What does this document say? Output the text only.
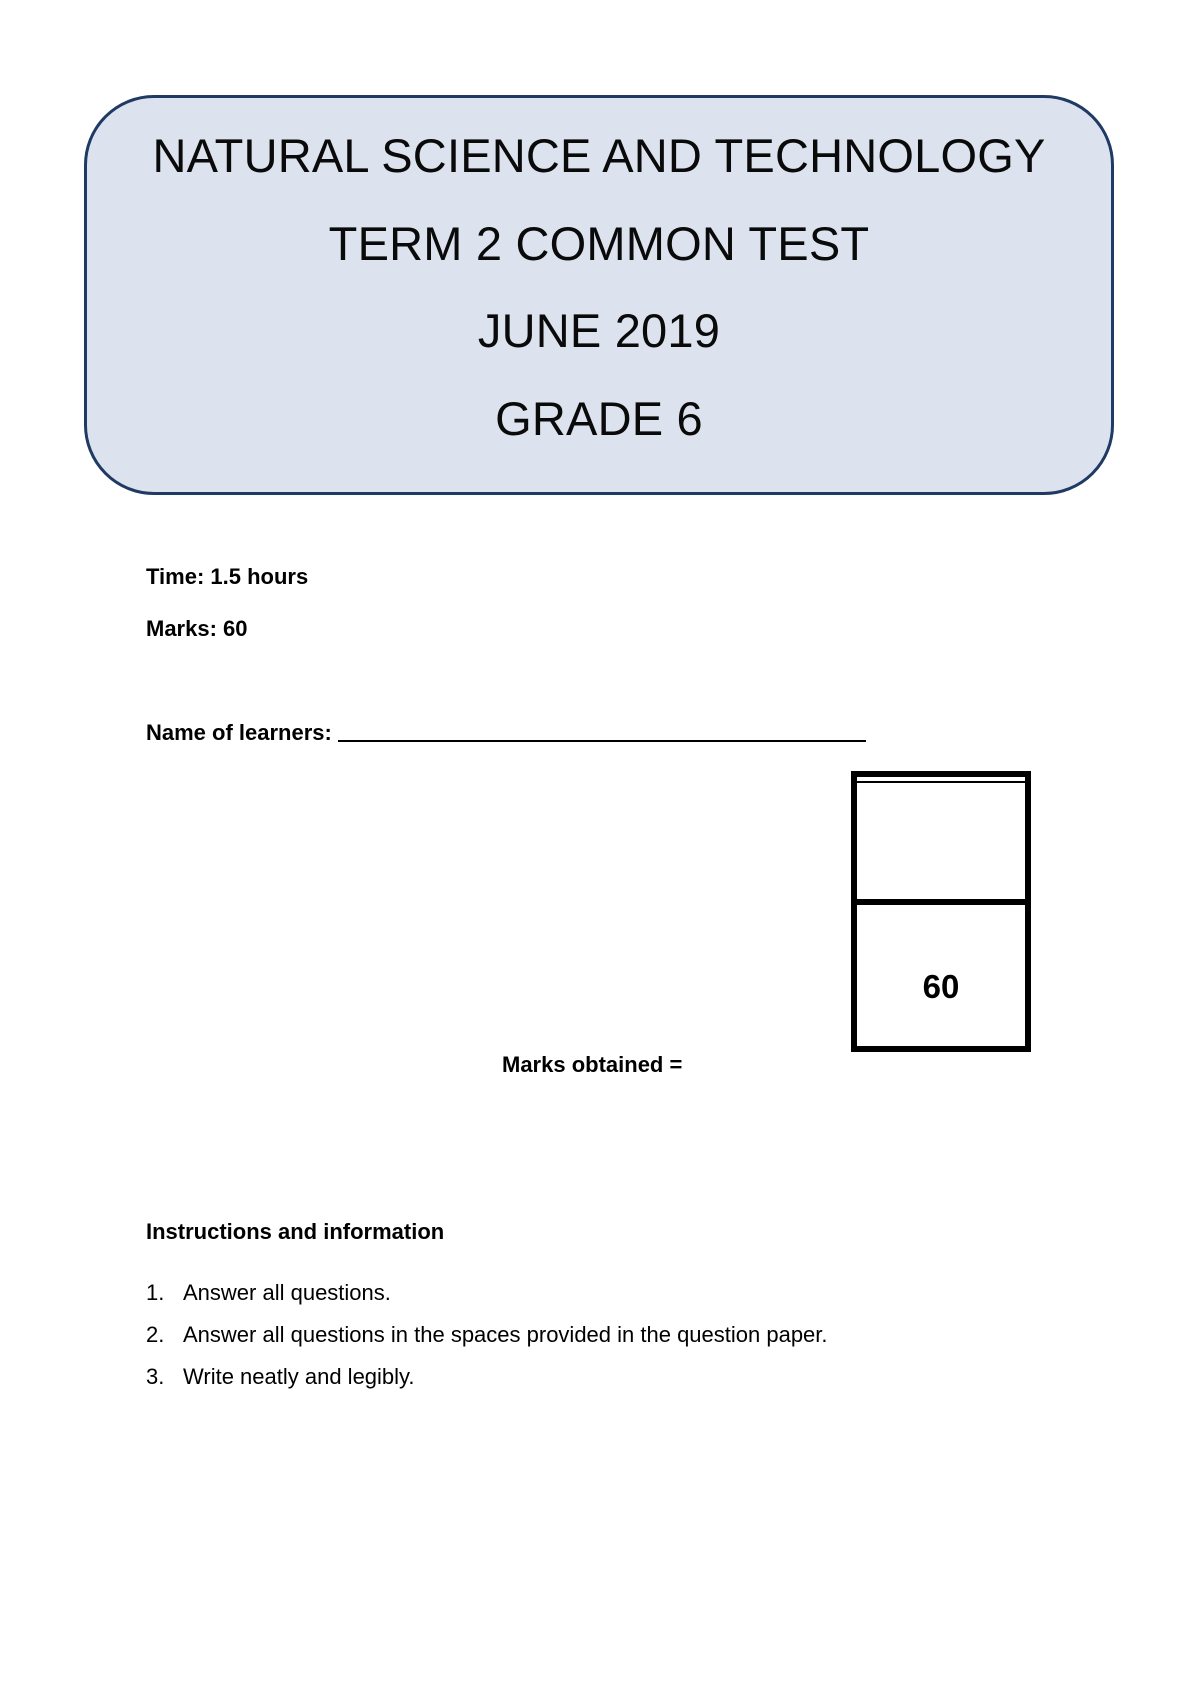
NATURAL SCIENCE AND TECHNOLOGY
TERM 2 COMMON TEST
JUNE 2019
GRADE 6
Time: 1.5 hours
Marks: 60
Name of learners:
60
Marks obtained =
Instructions and information
1. Answer all questions.
2. Answer all questions in the spaces provided in the question paper.
3. Write neatly and legibly.
